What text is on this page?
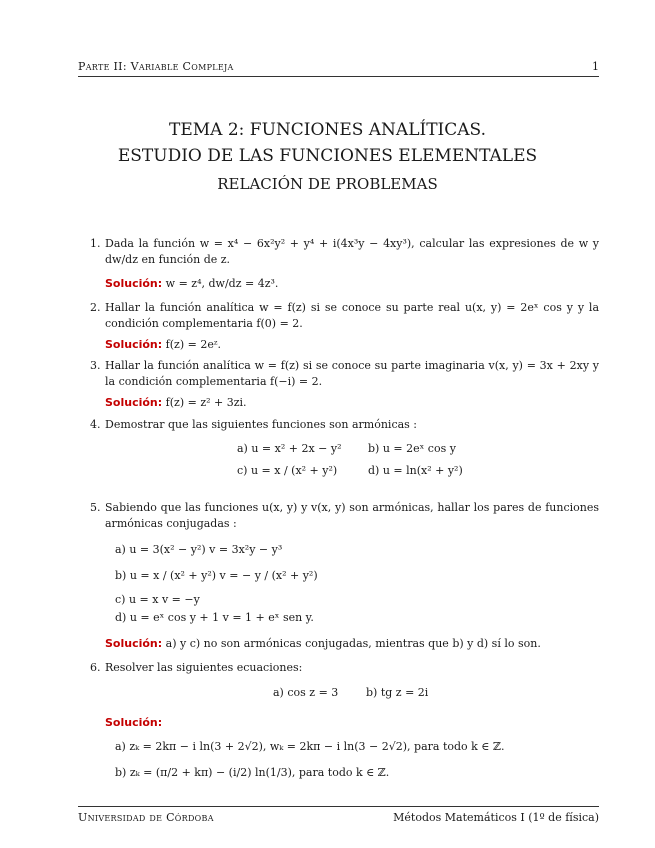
Parte II: Variable Compleja	1
TEMA 2: FUNCIONES ANALÍTICAS.
ESTUDIO DE LAS FUNCIONES ELEMENTALES
RELACIÓN DE PROBLEMAS
1. Dada la función w = x⁴ − 6x²y² + y⁴ + i(4x³y − 4xy³), calcular las expresiones de w y dw/dz en función de z.
Solución: w = z⁴, dw/dz = 4z³.
2. Hallar la función analítica w = f(z) si se conoce su parte real u(x, y) = 2eˣ cos y y la condición complementaria f(0) = 2.
Solución: f(z) = 2eᶻ.
3. Hallar la función analítica w = f(z) si se conoce su parte imaginaria v(x, y) = 3x + 2xy y la condición complementaria f(−i) = 2.
Solución: f(z) = z² + 3zi.
4. Demostrar que las siguientes funciones son armónicas :
a) u = x² + 2x − y² b) u = 2eˣ cos y
c) u = x / (x² + y²)	d) u = ln(x² + y²)
5. Sabiendo que las funciones u(x, y) y v(x, y) son armónicas, hallar los pares de funciones armónicas conjugadas :
a) u = 3(x² − y²) v = 3x²y − y³
b) u = x / (x² + y²) v = − y / (x² + y²)
c) u = x v = −y
d) u = eˣ cos y + 1 v = 1 + eˣ sen y.
Solución: a) y c) no son armónicas conjugadas, mientras que b) y d) sí lo son.
6. Resolver las siguientes ecuaciones:
a) cos z = 3	b) tg z = 2i
Solución:
a) zₖ = 2kπ − i ln(3 + 2√2), wₖ = 2kπ − i ln(3 − 2√2), para todo k ∈ ℤ.
b) zₖ = (π/2 + kπ) − (i/2) ln(1/3), para todo k ∈ ℤ.
Universidad de Córdoba	Métodos Matemáticos I (1º de física)
